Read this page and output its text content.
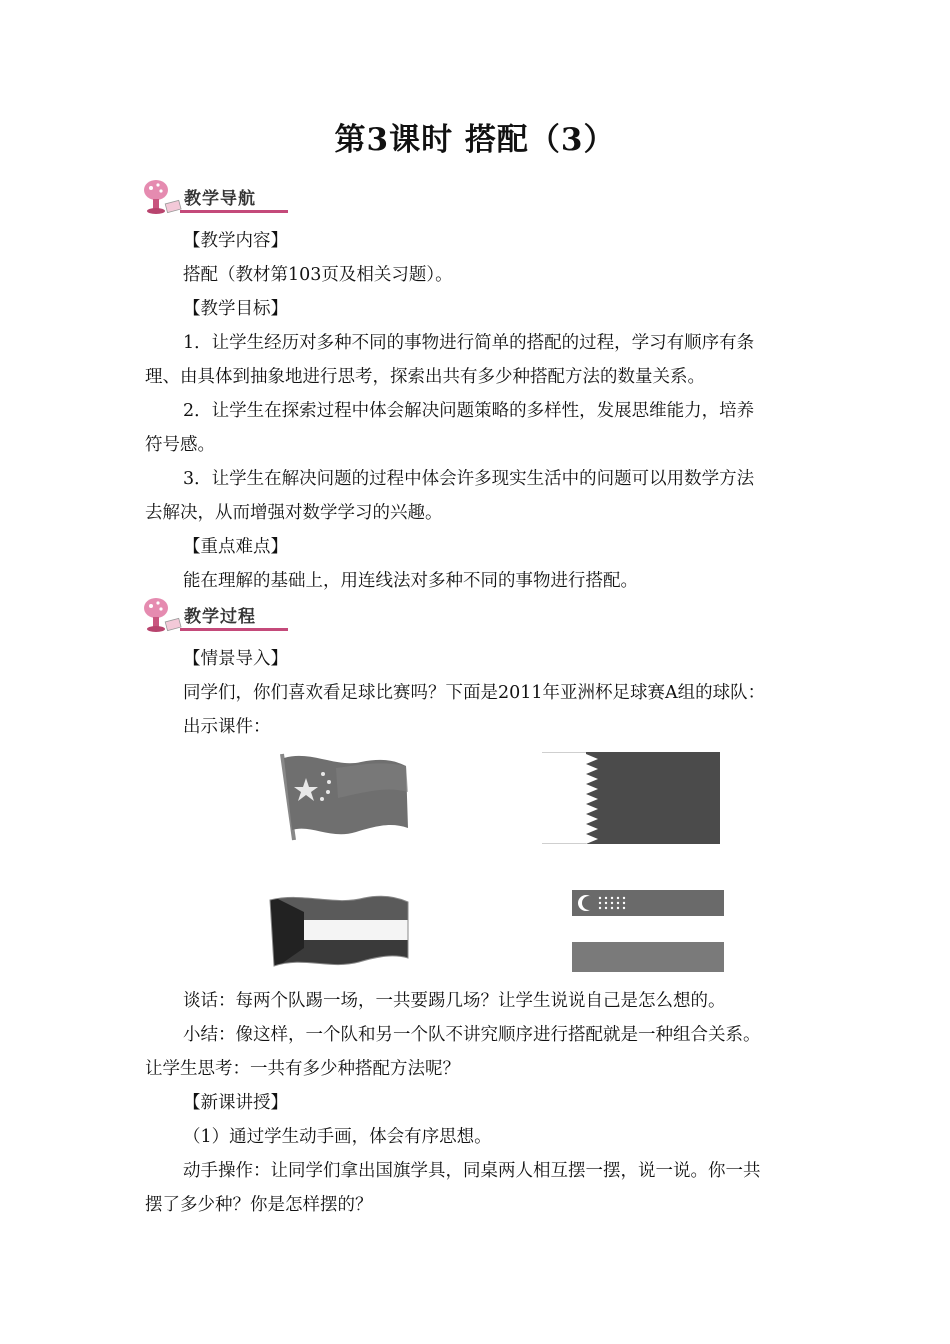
第3课时 搭配（3）
教学导航
【教学内容】
搭配（教材第103页及相关习题）。
【教学目标】
1．让学生经历对多种不同的事物进行简单的搭配的过程，学习有顺序有条
理、由具体到抽象地进行思考，探索出共有多少种搭配方法的数量关系。
2．让学生在探索过程中体会解决问题策略的多样性，发展思维能力，培养
符号感。
3．让学生在解决问题的过程中体会许多现实生活中的问题可以用数学方法
去解决，从而增强对数学学习的兴趣。
【重点难点】
能在理解的基础上，用连线法对多种不同的事物进行搭配。
教学过程
【情景导入】
同学们，你们喜欢看足球比赛吗？下面是2011年亚洲杯足球赛A组的球队：
出示课件：
谈话：每两个队踢一场，一共要踢几场？让学生说说自己是怎么想的。
小结：像这样，一个队和另一个队不讲究顺序进行搭配就是一种组合关系。
让学生思考：一共有多少种搭配方法呢？
【新课讲授】
（1）通过学生动手画，体会有序思想。
动手操作：让同学们拿出国旗学具，同桌两人相互摆一摆，说一说。你一共
摆了多少种？你是怎样摆的？
